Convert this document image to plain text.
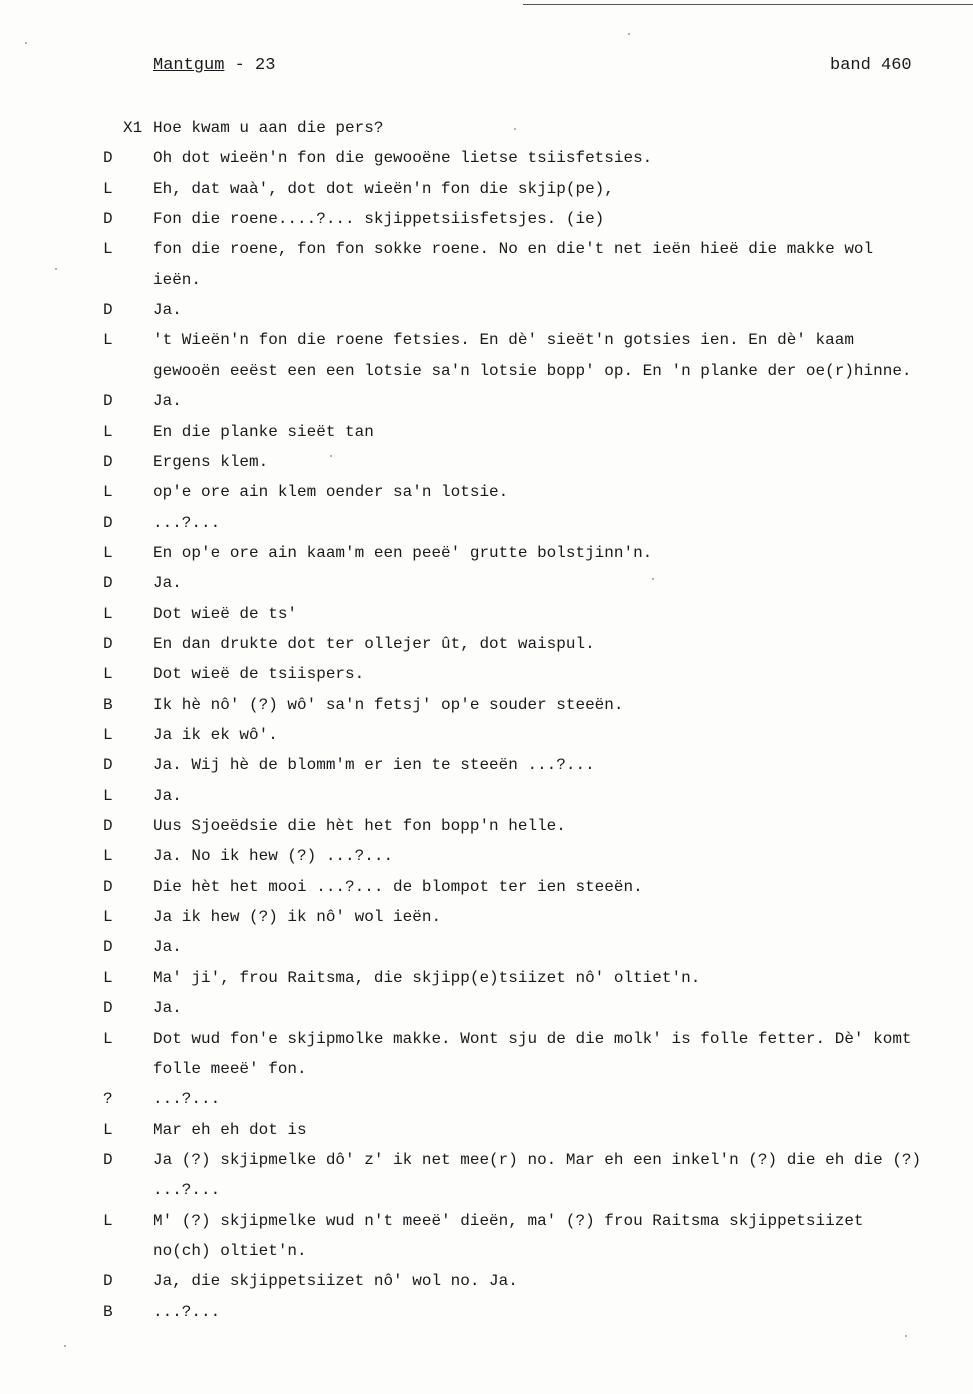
Mantgum - 23	band 460
X1 Hoe kwam u aan die pers?
D	Oh dot wieën'n fon die gewooëne lietse tsiisfetsies.
L	Eh, dat waà', dot dot wieën'n fon die skjip(pe),
D	Fon die roene....?... skjippetsiisfetsjes. (ie)
L	fon die roene, fon fon sokke roene. No en die't net ieën hieë die makke wol
ieën.
D	Ja.
L	't Wieën'n fon die roene fetsies. En dè' sieët'n gotsies ien. En dè' kaam
gewooën eeëst een een lotsie sa'n lotsie bopp' op. En 'n planke der oe(r)hinne.
D	Ja.
L	En die planke sieët tan
D	Ergens klem.
L	op'e ore ain klem oender sa'n lotsie.
D	...?...
L	En op'e ore ain kaam'm een peeë' grutte bolstjinn'n.
D	Ja.
L	Dot wieë de ts'
D	En dan drukte dot ter ollejer ût, dot waispul.
L	Dot wieë de tsiispers.
B	Ik hè nô' (?) wô' sa'n fetsj' op'e souder steeën.
L	Ja ik ek wô'.
D	Ja. Wij hè de blomm'm er ien te steeën ...?...
L	Ja.
D	Uus Sjoeëdsie die hèt het fon bopp'n helle.
L	Ja. No ik hew (?) ...?...
D	Die hèt het mooi ...?... de blompot ter ien steeën.
L	Ja ik hew (?) ik nô' wol ieën.
D	Ja.
L	Ma' ji', frou Raitsma, die skjipp(e)tsiizet nô' oltiet'n.
D	Ja.
L	Dot wud fon'e skjipmolke makke. Wont sju de die molk' is folle fetter. Dè' komt
folle meeë' fon.
?	...?...
L	Mar eh eh dot is
D	Ja (?) skjipmelke dô' z' ik net mee(r) no. Mar eh een inkel'n (?) die eh die (?)
...?...
L	M' (?) skjipmelke wud n't meeë' dieën, ma' (?) frou Raitsma skjippetsiizet
no(ch) oltiet'n.
D	Ja, die skjippetsiizet nô' wol no. Ja.
B	...?...
